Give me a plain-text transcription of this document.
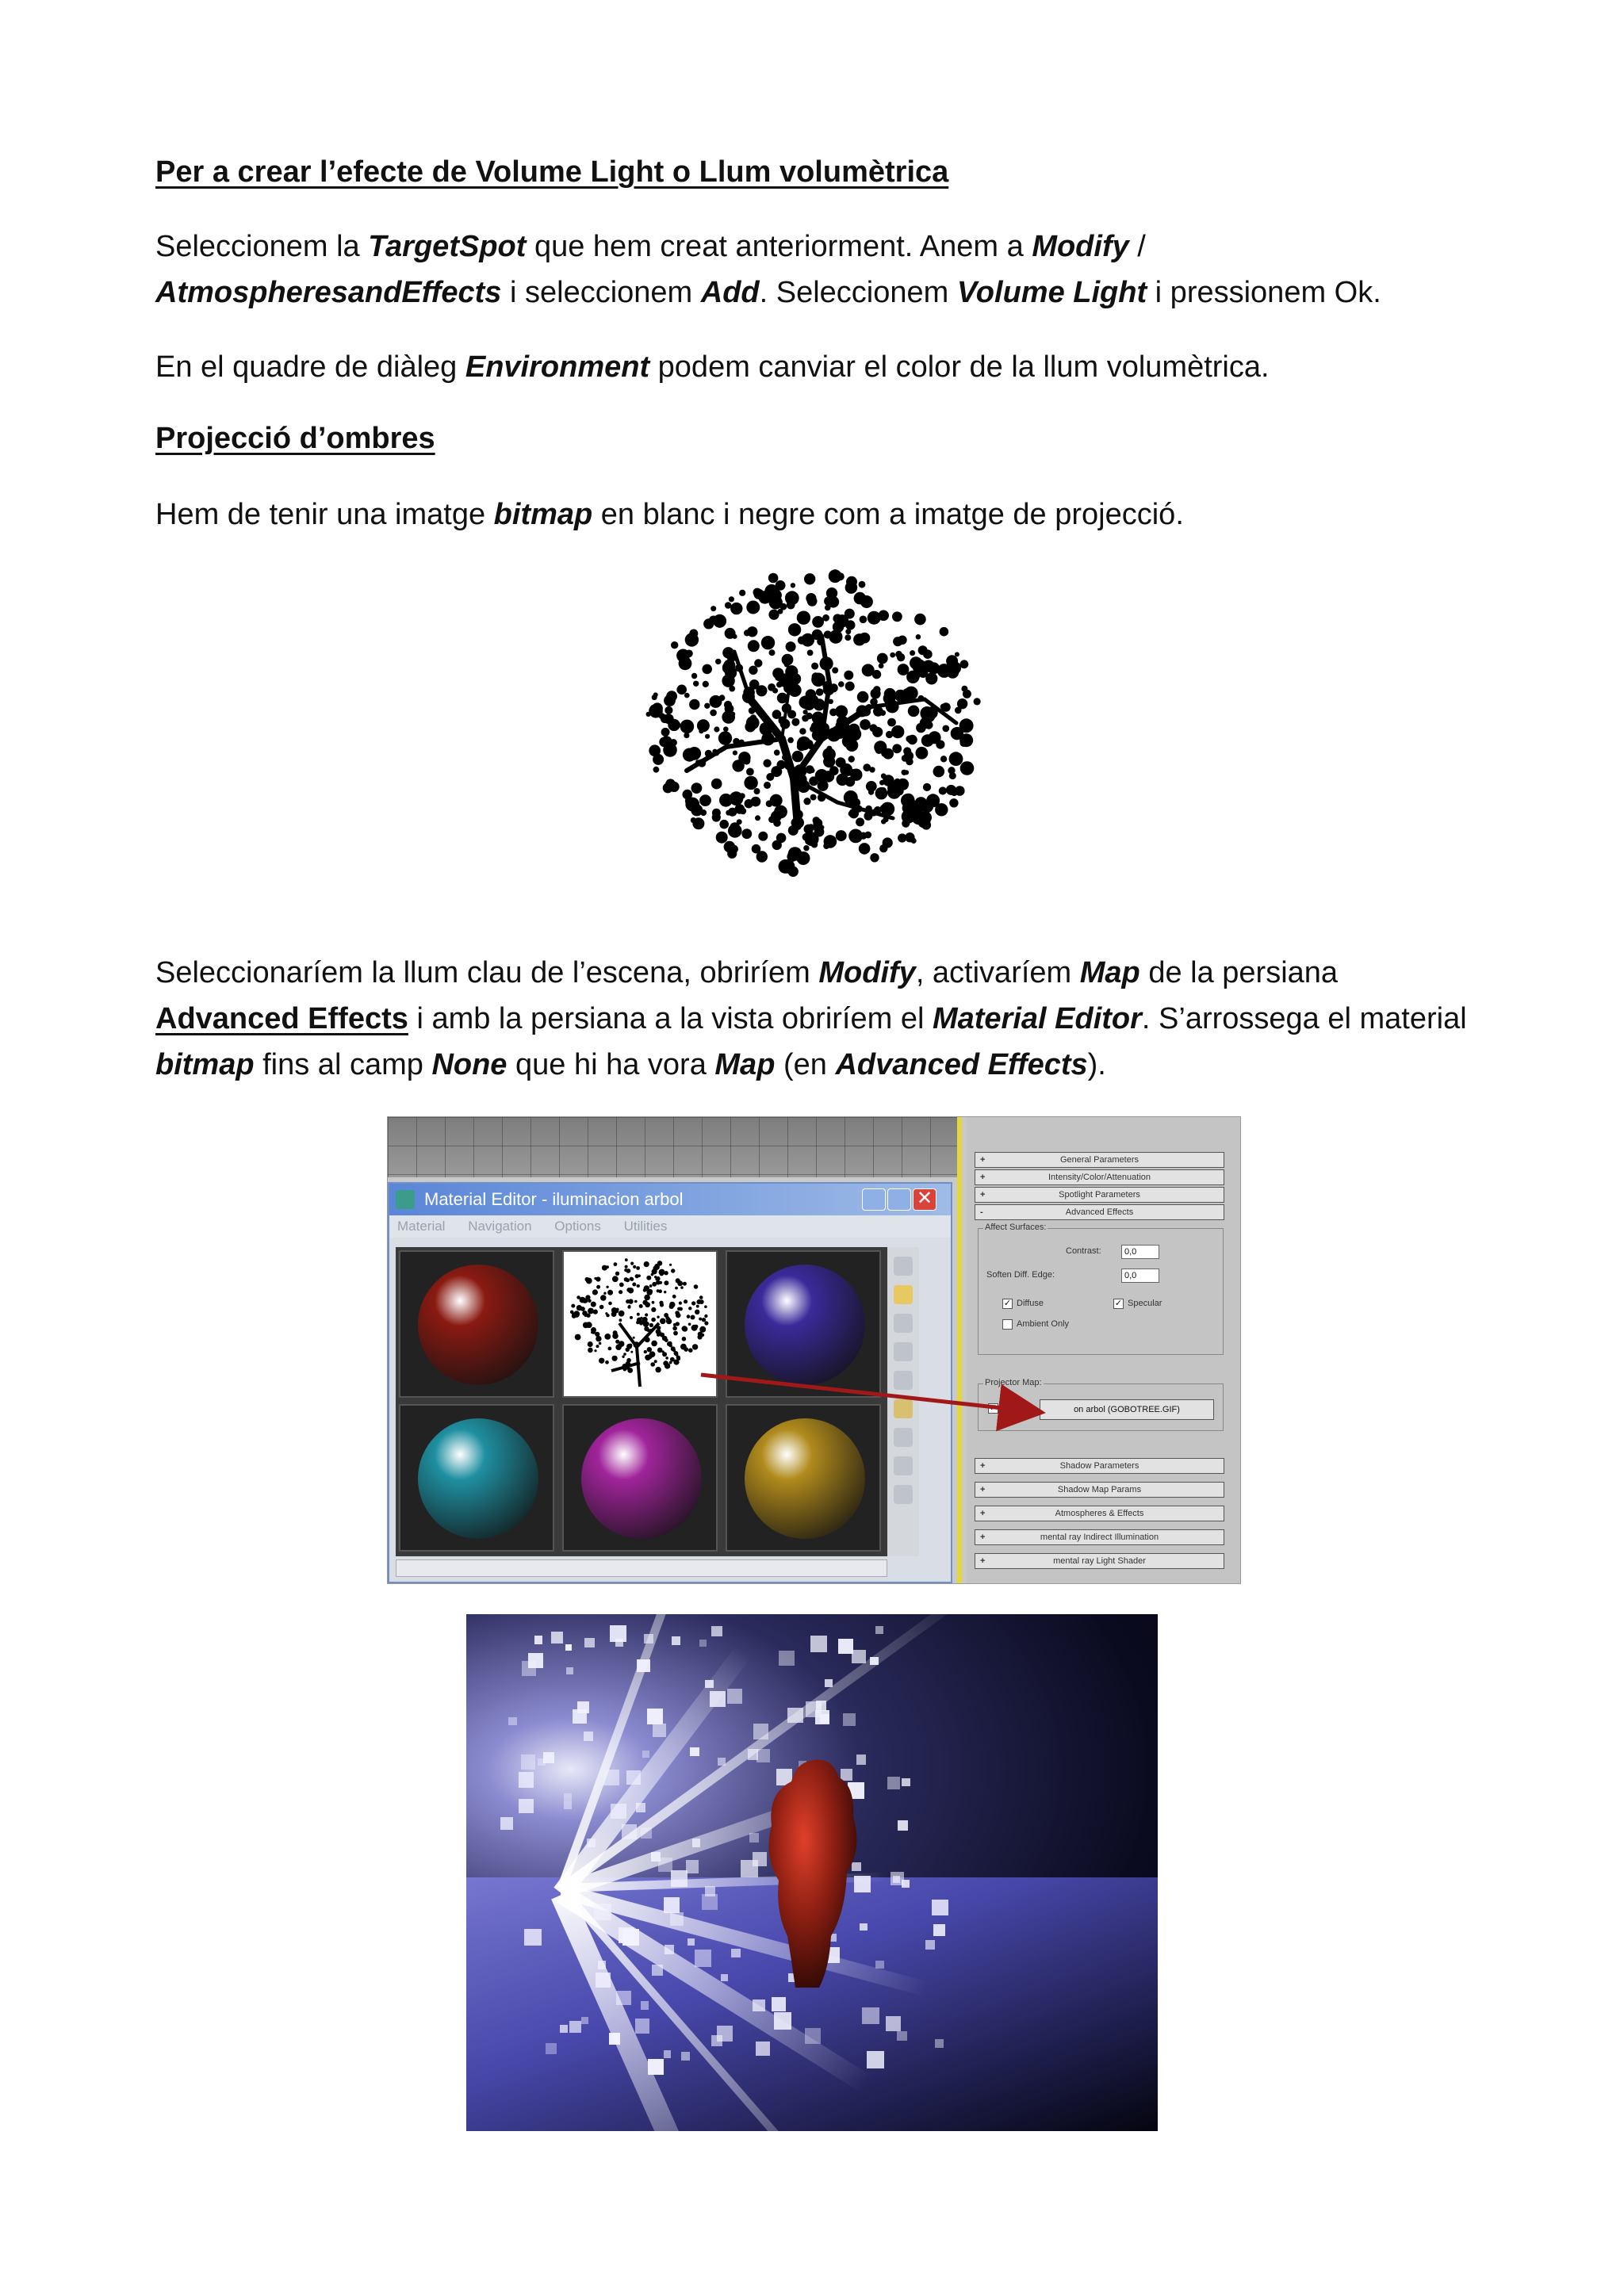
Per a crear l’efecte de Volume Light o Llum volumètrica
Seleccionem la TargetSpot que hem creat anteriorment. Anem a Modify / AtmospheresandEffects i seleccionem Add. Seleccionem Volume Light i pressionem Ok.
En el quadre de diàleg Environment podem canviar el color de la llum volumètrica.
Projecció d’ombres
Hem de tenir una imatge bitmap en blanc i negre com a imatge de projecció.
Seleccionaríem la llum clau de l’escena, obriríem Modify, activaríem Map de la persiana Advanced Effects i amb la persiana a la vista obriríem el Material Editor. S’arrossega el material bitmap fins al camp None que hi ha vora Map (en Advanced Effects).
Material Editor - iluminacion arbol	✕
Material Navigation Options Utilities
+	General Parameters
+	Intensity/Color/Attenuation
+	Spotlight Parameters
-	Advanced Effects
Affect Surfaces:
Contrast:	0,0
Soften Diff. Edge:	0,0
✓ Diffuse	✓ Specular
Ambient Only
Projector Map:
✓ Map:	on arbol (GOBOTREE.GIF)
+	Shadow Parameters
+	Shadow Map Params
+	Atmospheres & Effects
+	mental ray Indirect Illumination
+	mental ray Light Shader
